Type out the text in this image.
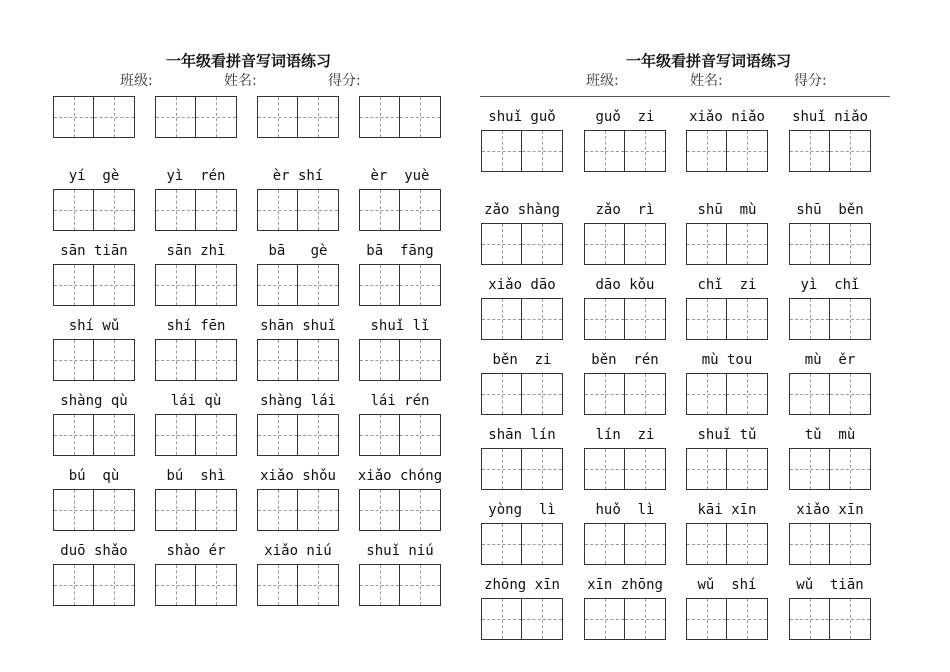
一年级看拼音写词语练习
班级:	姓名:	得分:
yí  gè	yì  rén	èr shí	èr  yuè
sān tiān	sān zhī	bā   gè	bā  fāng
shí wǔ	shí fēn	shān shuǐ	shuǐ lǐ
shàng qù	lái qù	shàng lái	lái rén
bú  qù	bú  shì	xiǎo shǒu	xiǎo chóng
duō shǎo	shào ér	xiǎo niú	shuǐ niú
一年级看拼音写词语练习
班级:	姓名:	得分:
shuǐ guǒ	guǒ  zi	xiǎo niǎo	shuǐ niǎo
zǎo shàng	zǎo  rì	shū  mù	shū  běn
xiǎo dāo	dāo kǒu	chǐ  zi	yì  chǐ
běn  zi	běn  rén	mù tou	mù  ěr
shān lín	lín  zi	shuǐ tǔ	tǔ  mù
yòng  lì	huǒ  lì	kāi xīn	xiǎo xīn
zhōng xīn	xīn zhōng	wǔ  shí	wǔ  tiān
